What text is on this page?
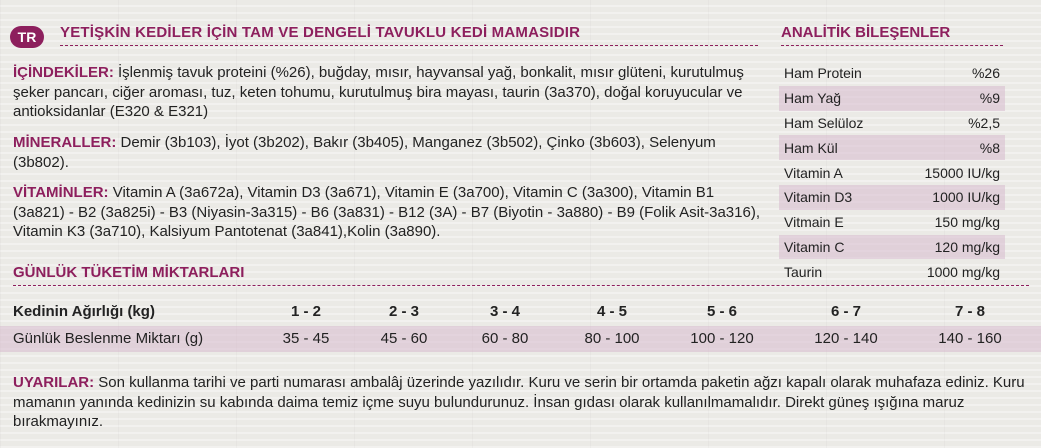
TR	YETİŞKİN KEDİLER İÇİN TAM VE DENGELİ TAVUKLU KEDİ MAMASIDIR	ANALİTİK BİLEŞENLER
İÇİNDEKİLER: İşlenmiş tavuk proteini (%26), buğday, mısır, hayvansal yağ, bonkalit, mısır glüteni, kurutulmuş şeker pancarı, ciğer aroması, tuz, keten tohumu, kurutulmuş bira mayası, taurin (3a370), doğal koruyucular ve antioksidanlar (E320 & E321)
MİNERALLER: Demir (3b103), İyot (3b202), Bakır (3b405), Manganez (3b502), Çinko (3b603), Selenyum (3b802).
VİTAMİNLER: Vitamin A (3a672a), Vitamin D3 (3a671), Vitamin E (3a700), Vitamin C (3a300), Vitamin B1 (3a821) - B2 (3a825i) - B3 (Niyasin-3a315) - B6 (3a831) - B12 (3A) - B7 (Biyotin - 3a880) - B9 (Folik Asit-3a316), Vitamin K3 (3a710), Kalsiyum Pantotenat (3a841),Kolin (3a890).
Ham Protein	%26
Ham Yağ	%9
Ham Selüloz	%2,5
Ham Kül	%8
Vitamin A	15000 IU/kg
Vitamin D3	1000 IU/kg
Vitmain E	150 mg/kg
Vitamin C	120 mg/kg
Taurin	1000 mg/kg
GÜNLÜK TÜKETİM MİKTARLARI
Kedinin Ağırlığı (kg)	1 - 2	2 - 3	3 - 4	4 - 5	5 - 6	6 - 7	7 - 8
Günlük Beslenme Miktarı (g)	35 - 45	45 - 60	60 - 80	80 - 100	100 - 120	120 - 140	140 - 160
UYARILAR: Son kullanma tarihi ve parti numarası ambalâj üzerinde yazılıdır. Kuru ve serin bir ortamda paketin ağzı kapalı olarak muhafaza ediniz. Kuru mamanın yanında kedinizin su kabında daima temiz içme suyu bulundurunuz. İnsan gıdası olarak kullanılmamalıdır. Direkt güneş ışığına maruz bırakmayınız.
